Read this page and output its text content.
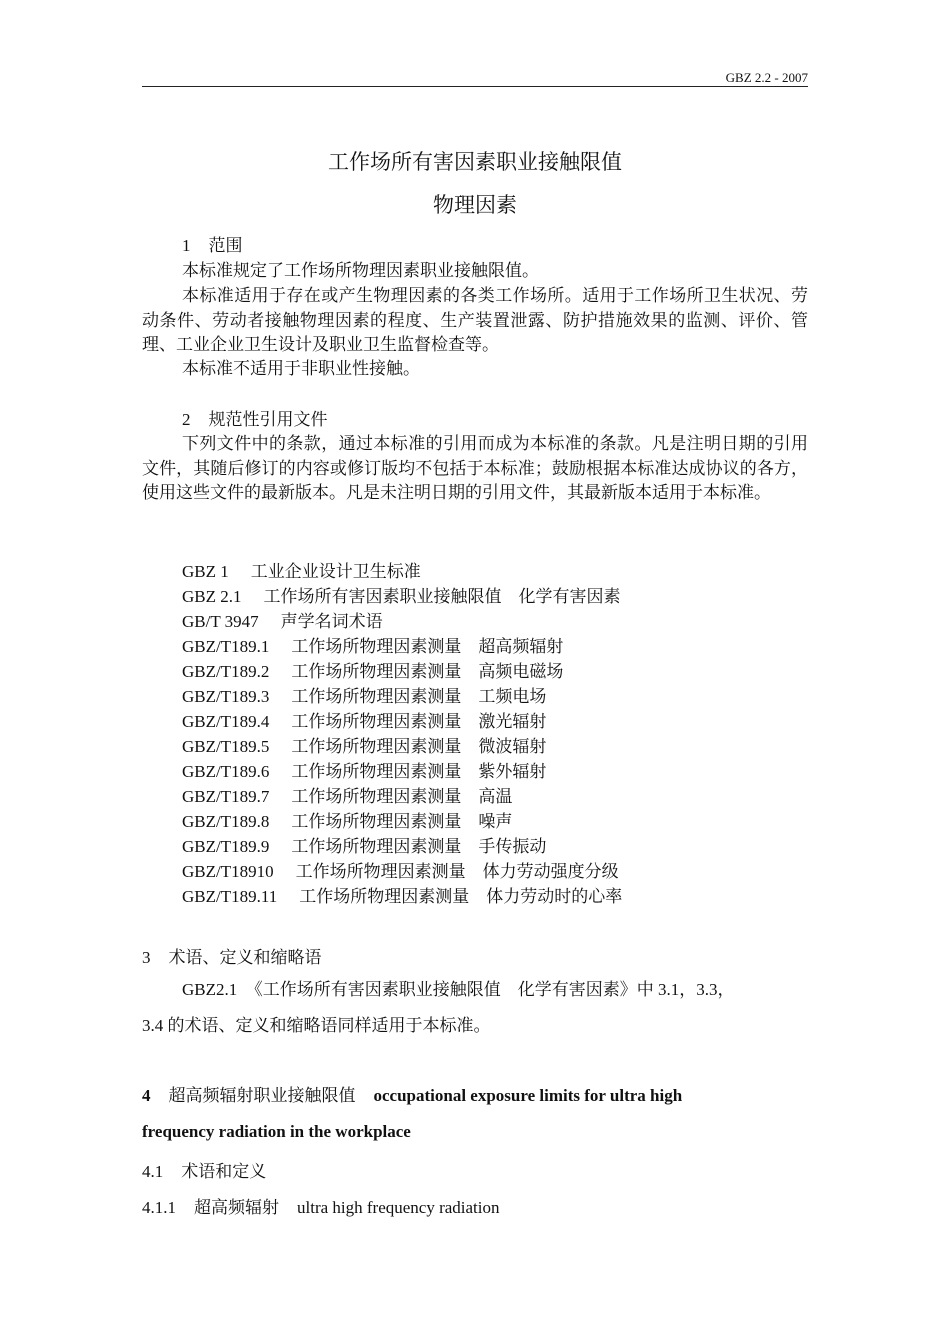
GBZ 2.2 - 2007
工作场所有害因素职业接触限值
物理因素
1 范围
本标准规定了工作场所物理因素职业接触限值。
本标准适用于存在或产生物理因素的各类工作场所。适用于工作场所卫生状况、劳动条件、劳动者接触物理因素的程度、生产装置泄露、防护措施效果的监测、评价、管理、工业企业卫生设计及职业卫生监督检查等。
本标准不适用于非职业性接触。
2 规范性引用文件
下列文件中的条款，通过本标准的引用而成为本标准的条款。凡是注明日期的引用文件，其随后修订的内容或修订版均不包括于本标准；鼓励根据本标准达成协议的各方，使用这些文件的最新版本。凡是未注明日期的引用文件，其最新版本适用于本标准。
GBZ 1 工业企业设计卫生标准
GBZ 2.1 工作场所有害因素职业接触限值　化学有害因素
GB/T 3947 声学名词术语
GBZ/T189.1 工作场所物理因素测量　超高频辐射
GBZ/T189.2 工作场所物理因素测量　高频电磁场
GBZ/T189.3 工作场所物理因素测量　工频电场
GBZ/T189.4 工作场所物理因素测量　激光辐射
GBZ/T189.5 工作场所物理因素测量　微波辐射
GBZ/T189.6 工作场所物理因素测量　紫外辐射
GBZ/T189.7 工作场所物理因素测量　高温
GBZ/T189.8 工作场所物理因素测量　噪声
GBZ/T189.9 工作场所物理因素测量　手传振动
GBZ/T18910 工作场所物理因素测量　体力劳动强度分级
GBZ/T189.11 工作场所物理因素测量　体力劳动时的心率
3 术语、定义和缩略语
GBZ2.1　《工作场所有害因素职业接触限值　化学有害因素》中 3.1，3.3，
3.4 的术语、定义和缩略语同样适用于本标准。
4 超高频辐射职业接触限值 occupational exposure limits for ultra high
frequency radiation in the workplace
4.1 术语和定义
4.1.1 超高频辐射 ultra high frequency radiation
